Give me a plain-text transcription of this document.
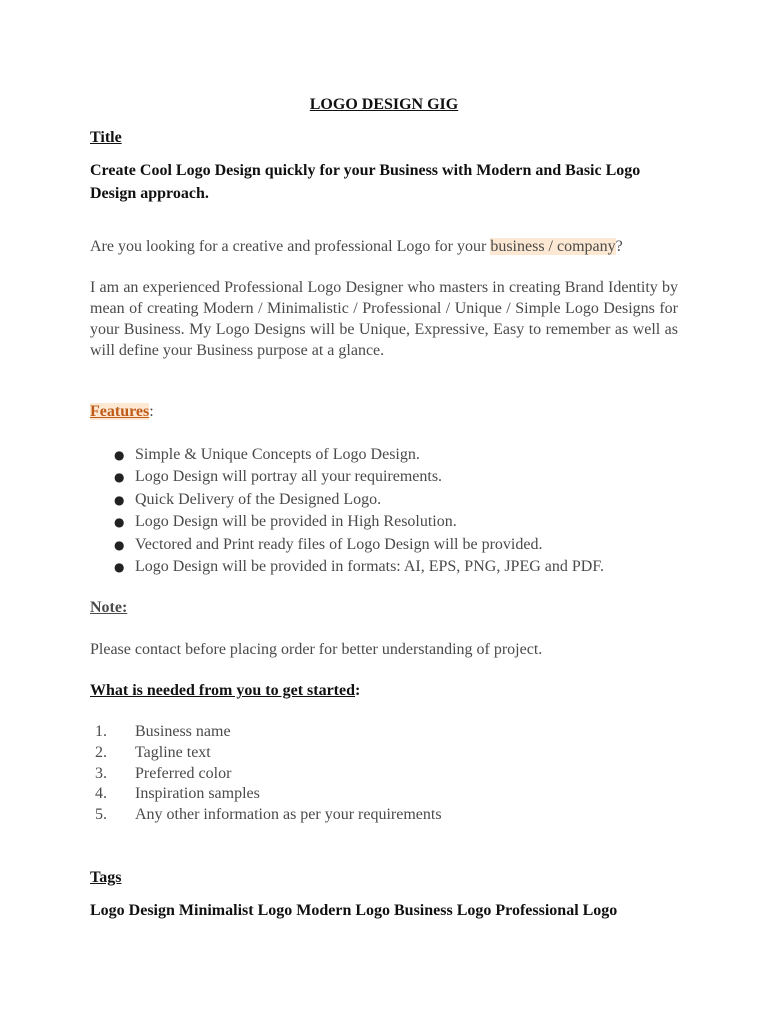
LOGO DESIGN GIG
Title
Create Cool Logo Design quickly for your Business with Modern and Basic Logo Design approach.
Are you looking for a creative and professional Logo for your business / company?
I am an experienced Professional Logo Designer who masters in creating Brand Identity by mean of creating Modern / Minimalistic / Professional / Unique / Simple Logo Designs for your Business. My Logo Designs will be Unique, Expressive, Easy to remember as well as will define your Business purpose at a glance.
Features:
● Simple & Unique Concepts of Logo Design.
● Logo Design will portray all your requirements.
● Quick Delivery of the Designed Logo.
● Logo Design will be provided in High Resolution.
● Vectored and Print ready files of Logo Design will be provided.
● Logo Design will be provided in formats: AI, EPS, PNG, JPEG and PDF.
Note:
Please contact before placing order for better understanding of project.
What is needed from you to get started:
1. Business name
2. Tagline text
3. Preferred color
4. Inspiration samples
5. Any other information as per your requirements
Tags
Logo Design Minimalist Logo Modern Logo Business Logo Professional Logo
